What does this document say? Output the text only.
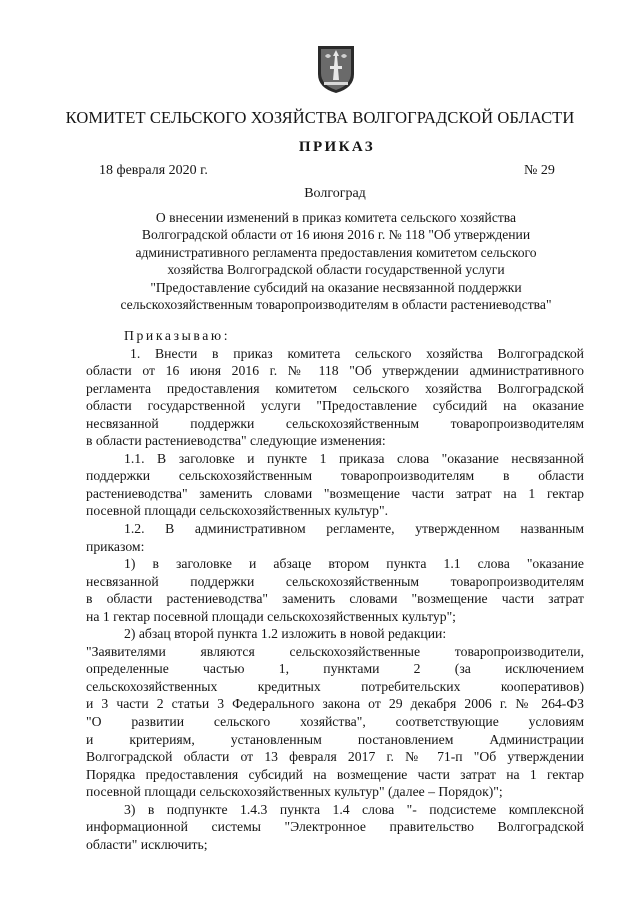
КОМИТЕТ СЕЛЬСКОГО ХОЗЯЙСТВА ВОЛГОГРАДСКОЙ ОБЛАСТИ
ПРИКАЗ
18 февраля 2020 г.	№ 29
Волгоград
О внесении изменений в приказ комитета сельского хозяйства
Волгоградской области от 16 июня 2016 г. № 118 "Об утверждении
административного регламента предоставления комитетом сельского
хозяйства Волгоградской области государственной услуги
"Предоставление субсидий на оказание несвязанной поддержки
сельскохозяйственным товаропроизводителям в области растениеводства"
Приказываю:
1. Внести в приказ комитета сельского хозяйства Волгоградской
области от 16 июня 2016 г. № 118 "Об утверждении административного
регламента предоставления комитетом сельского хозяйства Волгоградской
области государственной услуги "Предоставление субсидий на оказание
несвязанной поддержки сельскохозяйственным товаропроизводителям
в области растениеводства" следующие изменения:
1.1. В заголовке и пункте 1 приказа слова "оказание несвязанной
поддержки сельскохозяйственным товаропроизводителям в области
растениеводства" заменить словами "возмещение части затрат на 1 гектар
посевной площади сельскохозяйственных культур".
1.2. В административном регламенте, утвержденном названным
приказом:
1) в заголовке и абзаце втором пункта 1.1 слова "оказание
несвязанной поддержки сельскохозяйственным товаропроизводителям
в области растениеводства" заменить словами "возмещение части затрат
на 1 гектар посевной площади сельскохозяйственных культур";
2) абзац второй пункта 1.2 изложить в новой редакции:
"Заявителями являются сельскохозяйственные товаропроизводители,
определенные частью 1, пунктами 2 (за исключением
сельскохозяйственных кредитных потребительских кооперативов)
и 3 части 2 статьи 3 Федерального закона от 29 декабря 2006 г. № 264-ФЗ
"О развитии сельского хозяйства", соответствующие условиям
и критериям, установленным постановлением Администрации
Волгоградской области от 13 февраля 2017 г. № 71-п "Об утверждении
Порядка предоставления субсидий на возмещение части затрат на 1 гектар
посевной площади сельскохозяйственных культур" (далее – Порядок)";
3) в подпункте 1.4.3 пункта 1.4 слова "- подсистеме комплексной
информационной системы "Электронное правительство Волгоградской
области" исключить;
